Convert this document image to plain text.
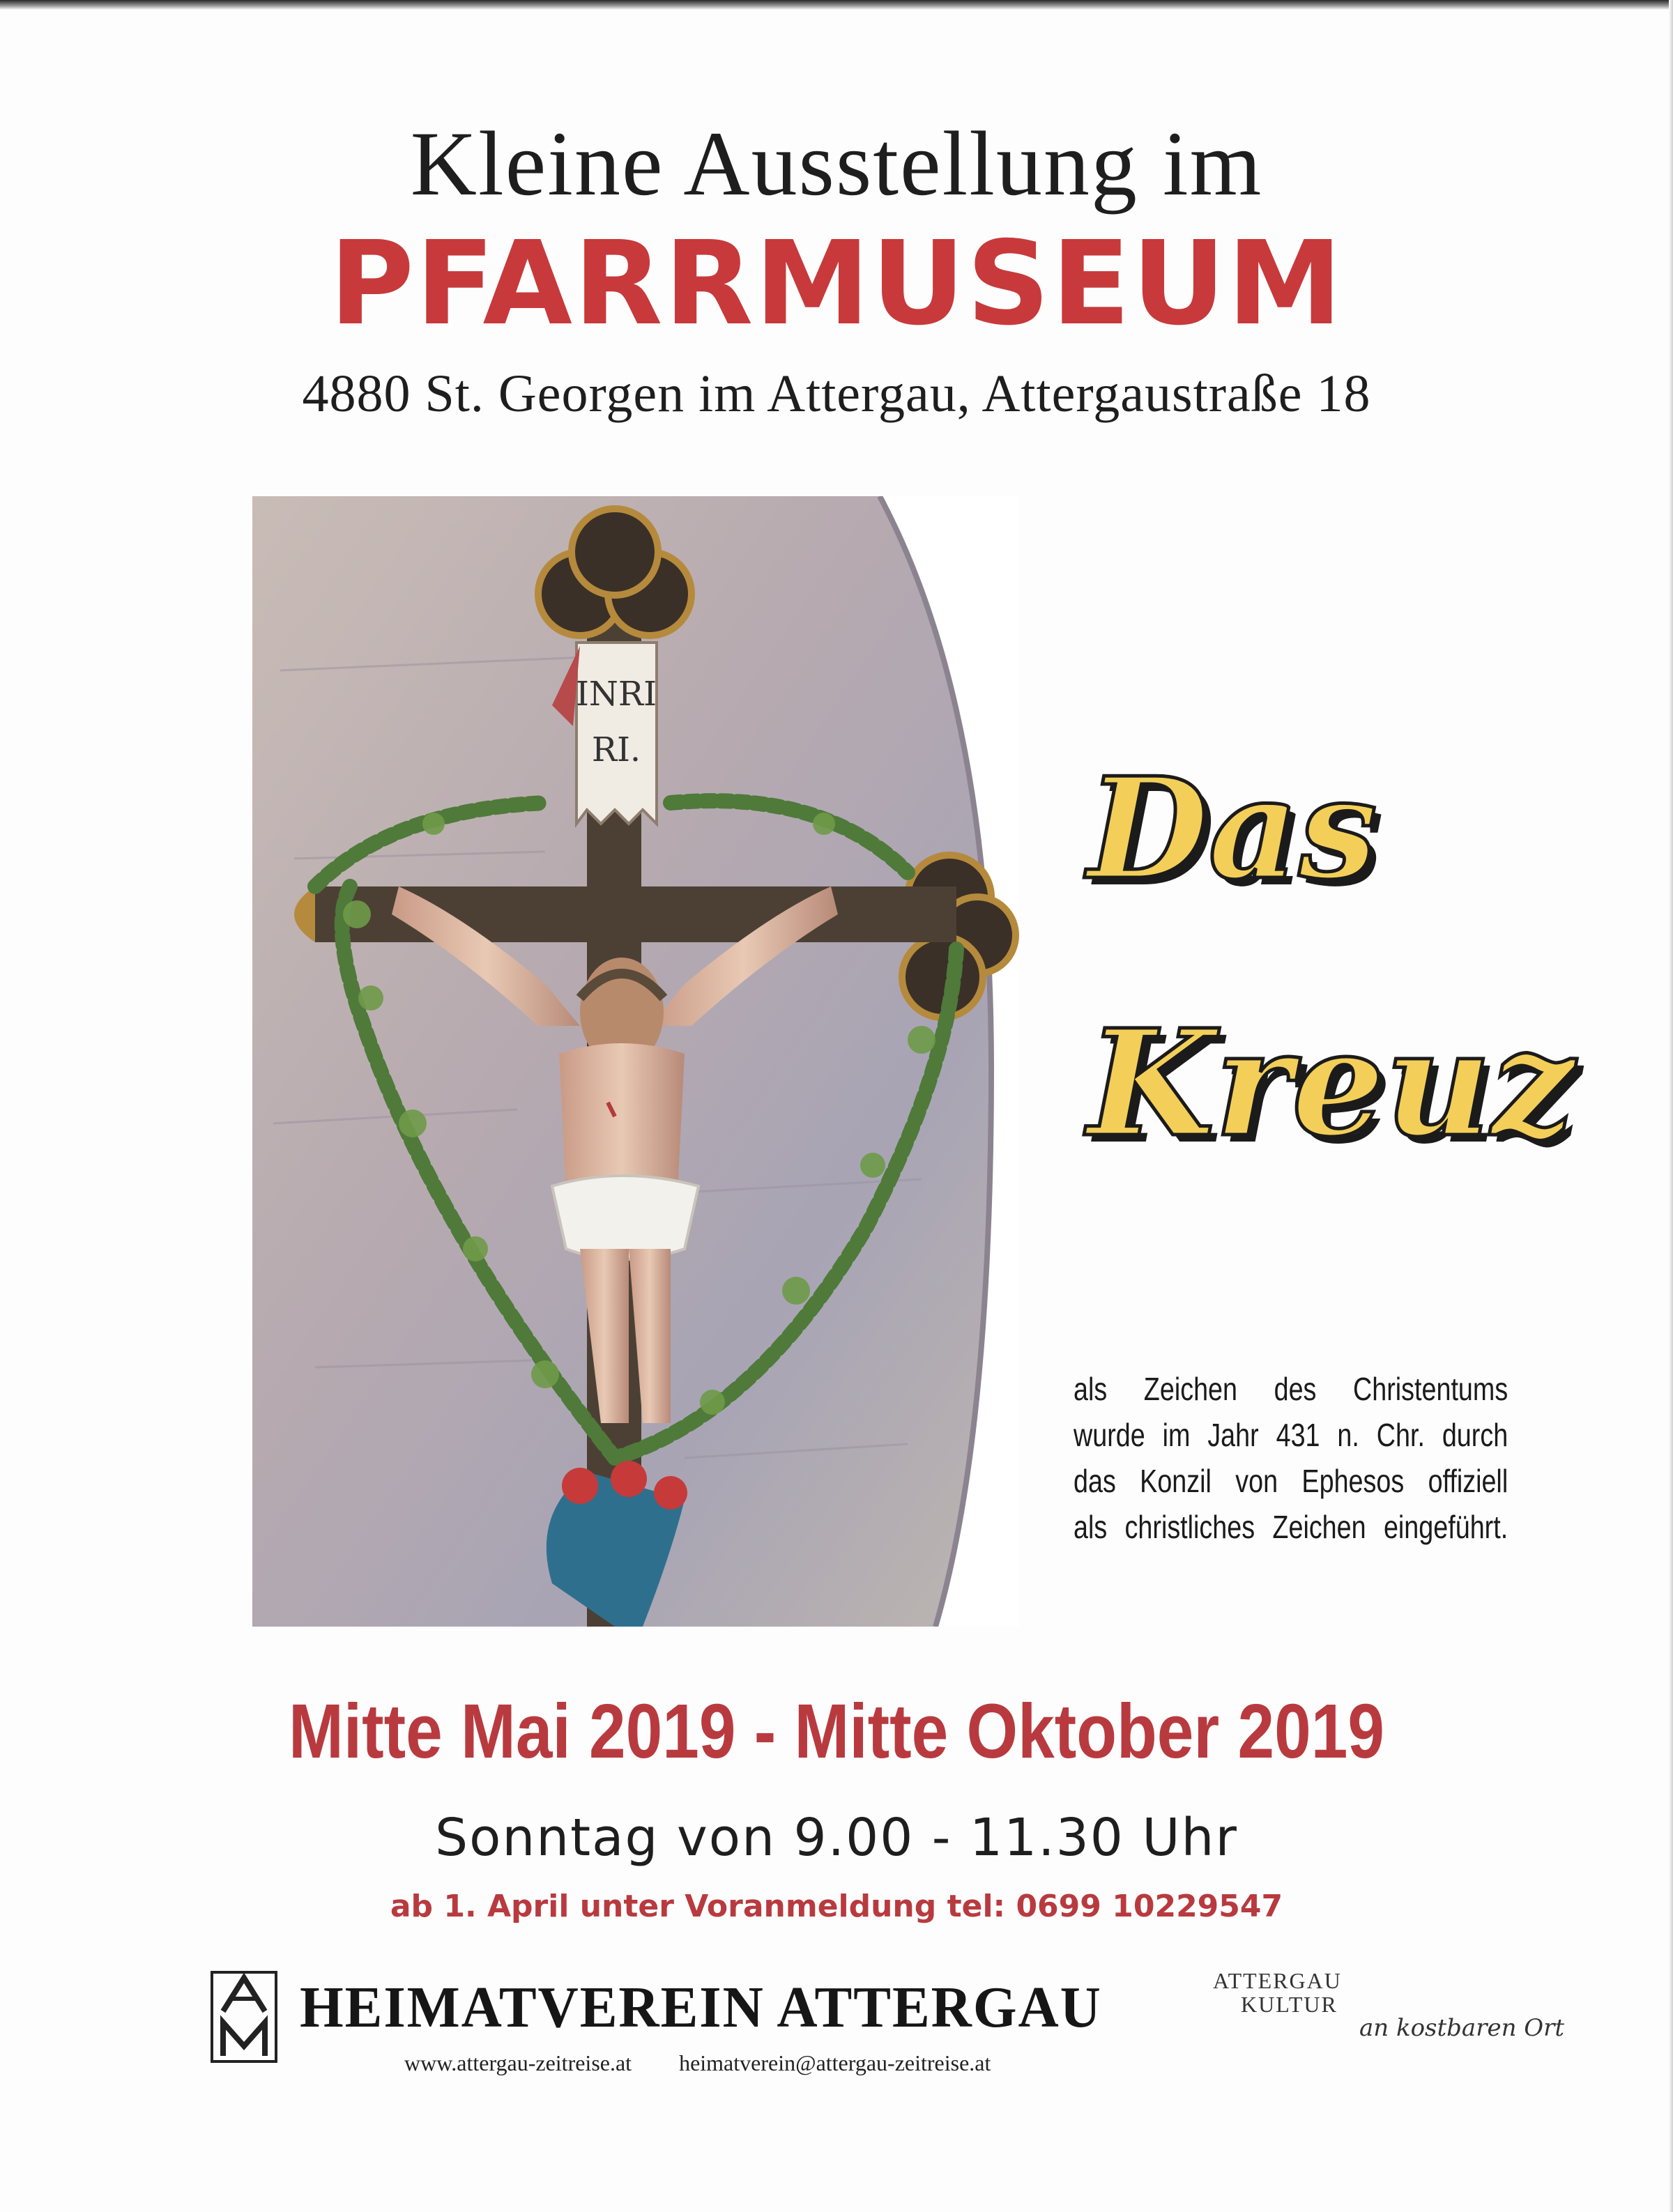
Kleine Ausstellung im
PFARRMUSEUM
4880 St. Georgen im Attergau, Attergaustraße 18
INRI
RI.	Das
Kreuz
als Zeichen des Christentums
wurde im Jahr 431 n. Chr. durch
das Konzil von Ephesos offiziell
als christliches Zeichen eingeführt.
Mitte Mai 2019 - Mitte Oktober 2019
Sonntag von 9.00 - 11.30 Uhr
ab 1. April unter Voranmeldung tel: 0699 10229547
HEIMATVEREIN ATTERGAU
www.attergau-zeitreise.at heimatverein@attergau-zeitreise.at
ATTERGAU
KULTUR
an kostbaren Ort
